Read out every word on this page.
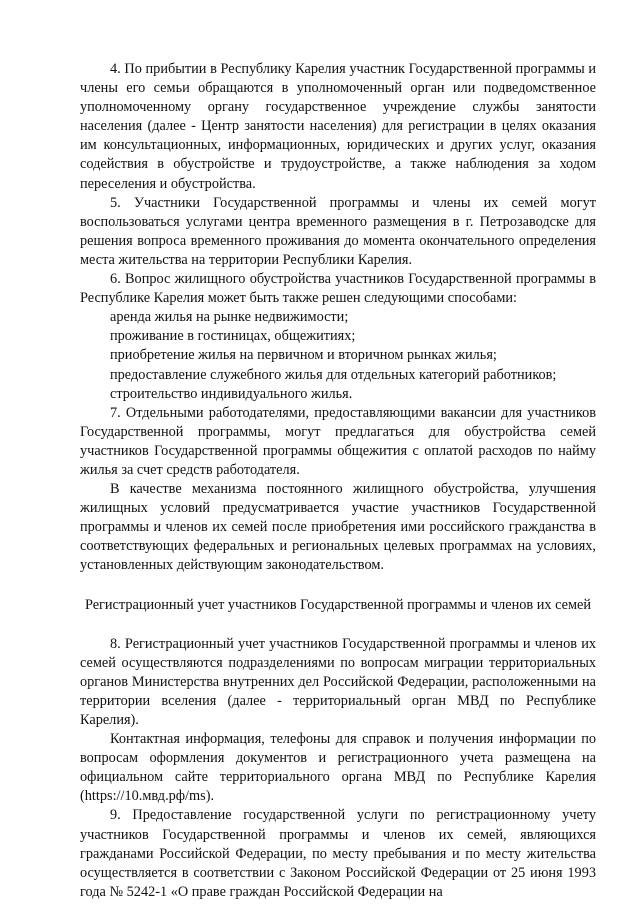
4. По прибытии в Республику Карелия участник Государственной программы и члены его семьи обращаются в уполномоченный орган или подведомственное уполномоченному органу государственное учреждение службы занятости населения (далее - Центр занятости населения) для регистрации в целях оказания им консультационных, информационных, юридических и других услуг, оказания содействия в обустройстве и трудоустройстве, а также наблюдения за ходом переселения и обустройства.

5. Участники Государственной программы и члены их семей могут воспользоваться услугами центра временного размещения в г. Петрозаводске для решения вопроса временного проживания до момента окончательного определения места жительства на территории Республики Карелия.

6. Вопрос жилищного обустройства участников Государственной программы в Республике Карелия может быть также решен следующими способами:

аренда жилья на рынке недвижимости;
проживание в гостиницах, общежитиях;
приобретение жилья на первичном и вторичном рынках жилья;
предоставление служебного жилья для отдельных категорий работников;
строительство индивидуального жилья.

7. Отдельными работодателями, предоставляющими вакансии для участников Государственной программы, могут предлагаться для обустройства семей участников Государственной программы общежития с оплатой расходов по найму жилья за счет средств работодателя.

В качестве механизма постоянного жилищного обустройства, улучшения жилищных условий предусматривается участие участников Государственной программы и членов их семей после приобретения ими российского гражданства в соответствующих федеральных и региональных целевых программах на условиях, установленных действующим законодательством.

Регистрационный учет участников Государственной программы и членов их семей

8. Регистрационный учет участников Государственной программы и членов их семей осуществляются подразделениями по вопросам миграции территориальных органов Министерства внутренних дел Российской Федерации, расположенными на территории вселения (далее - территориальный орган МВД по Республике Карелия).

Контактная информация, телефоны для справок и получения информации по вопросам оформления документов и регистрационного учета размещена на официальном сайте территориального органа МВД по Республике Карелия (https://10.мвд.рф/ms).

9. Предоставление государственной услуги по регистрационному учету участников Государственной программы и членов их семей, являющихся гражданами Российской Федерации, по месту пребывания и по месту жительства осуществляется в соответствии с Законом Российской Федерации от 25 июня 1993 года № 5242-1 «О праве граждан Российской Федерации на
